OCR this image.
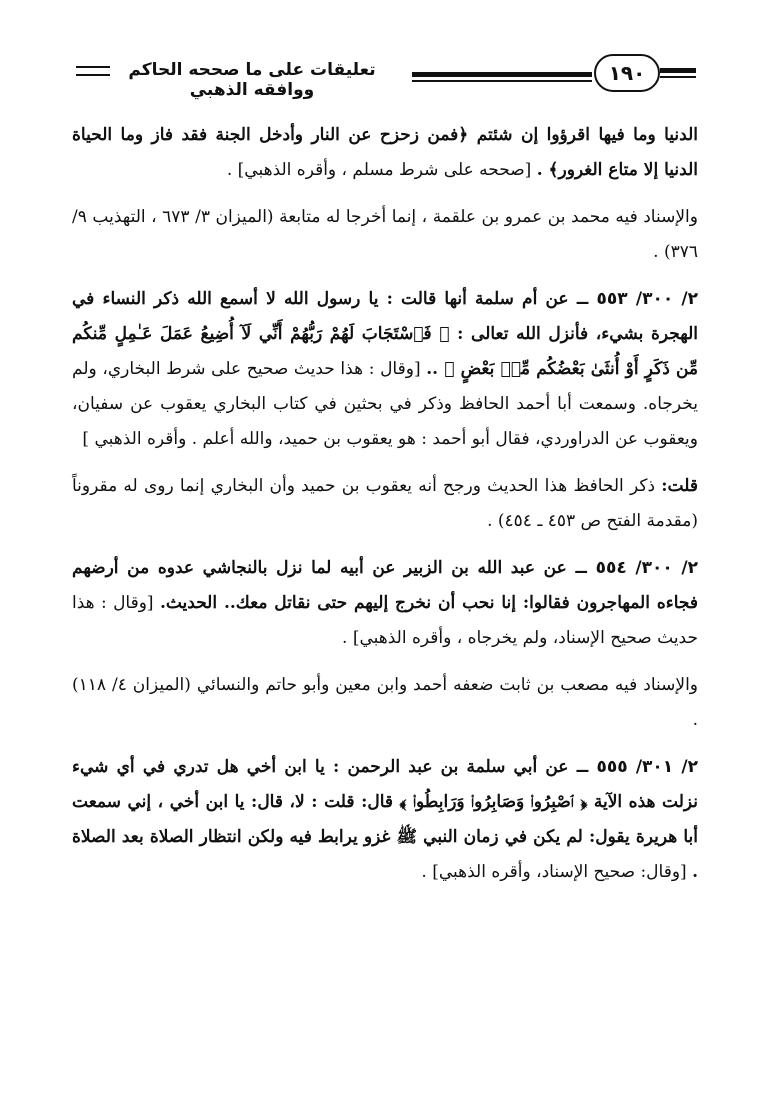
تعليقات على ما صححه الحاكم ووافقه الذهبي
١٩٠

الدنيا وما فيها اقرؤوا إن شئتم ﴿فمن زحزح عن النار وأدخل الجنة فقد فاز وما الحياة الدنيا إلا متاع الغرور﴾ . [صححه على شرط مسلم ، وأقره الذهبي] .

والإسناد فيه محمد بن عمرو بن علقمة ، إنما أخرجا له متابعة (الميزان ٣/ ٦٧٣ ، التهذيب ٩/ ٣٧٦) .

٢/ ٣٠٠/ ٥٥٣ ــ عن أم سلمة أنها قالت : يا رسول الله لا أسمع الله ذكر النساء في الهجرة بشيء، فأنزل الله تعالى : ﴿ فَٱسْتَجَابَ لَهُمْ رَبُّهُمْ أَنِّي لَآ أُضِيعُ عَمَلَ عَـٰمِلٍ مِّنكُم مِّن ذَكَرٍ أَوْ أُنثَىٰ بَعْضُكُم مِّنۢ بَعْضٍ ﴾ .. [وقال : هذا حديث صحيح على شرط البخاري، ولم يخرجاه. وسمعت أبا أحمد الحافظ وذكر في بحثين في كتاب البخاري يعقوب عن سفيان، ويعقوب عن الدراوردي، فقال أبو أحمد : هو يعقوب بن حميد، والله أعلم . وأقره الذهبي ]

قلت: ذكر الحافظ هذا الحديث ورجح أنه يعقوب بن حميد وأن البخاري إنما روى له مقروناً (مقدمة الفتح ص ٤٥٣ ـ ٤٥٤) .

٢/ ٣٠٠/ ٥٥٤ ــ عن عبد الله بن الزبير عن أبيه لما نزل بالنجاشي عدوه من أرضهم فجاءه المهاجرون فقالوا: إنا نحب أن نخرج إليهم حتى نقاتل معك.. الحديث. [وقال : هذا حديث صحيح الإسناد، ولم يخرجاه ، وأقره الذهبي] .

والإسناد فيه مصعب بن ثابت ضعفه أحمد وابن معين وأبو حاتم والنسائي (الميزان ٤/ ١١٨) .

٢/ ٣٠١/ ٥٥٥ ــ عن أبي سلمة بن عبد الرحمن : يا ابن أخي هل تدري في أي شيء نزلت هذه الآية ﴿ ٱصْبِرُوا۟ وَصَابِرُوا۟ وَرَابِطُوا۟ ﴾ قال: قلت : لا، قال: يا ابن أخي ، إني سمعت أبا هريرة يقول: لم يكن في زمان النبي ﷺ غزو يرابط فيه ولكن انتظار الصلاة بعد الصلاة . [وقال: صحيح الإسناد، وأقره الذهبي] .
